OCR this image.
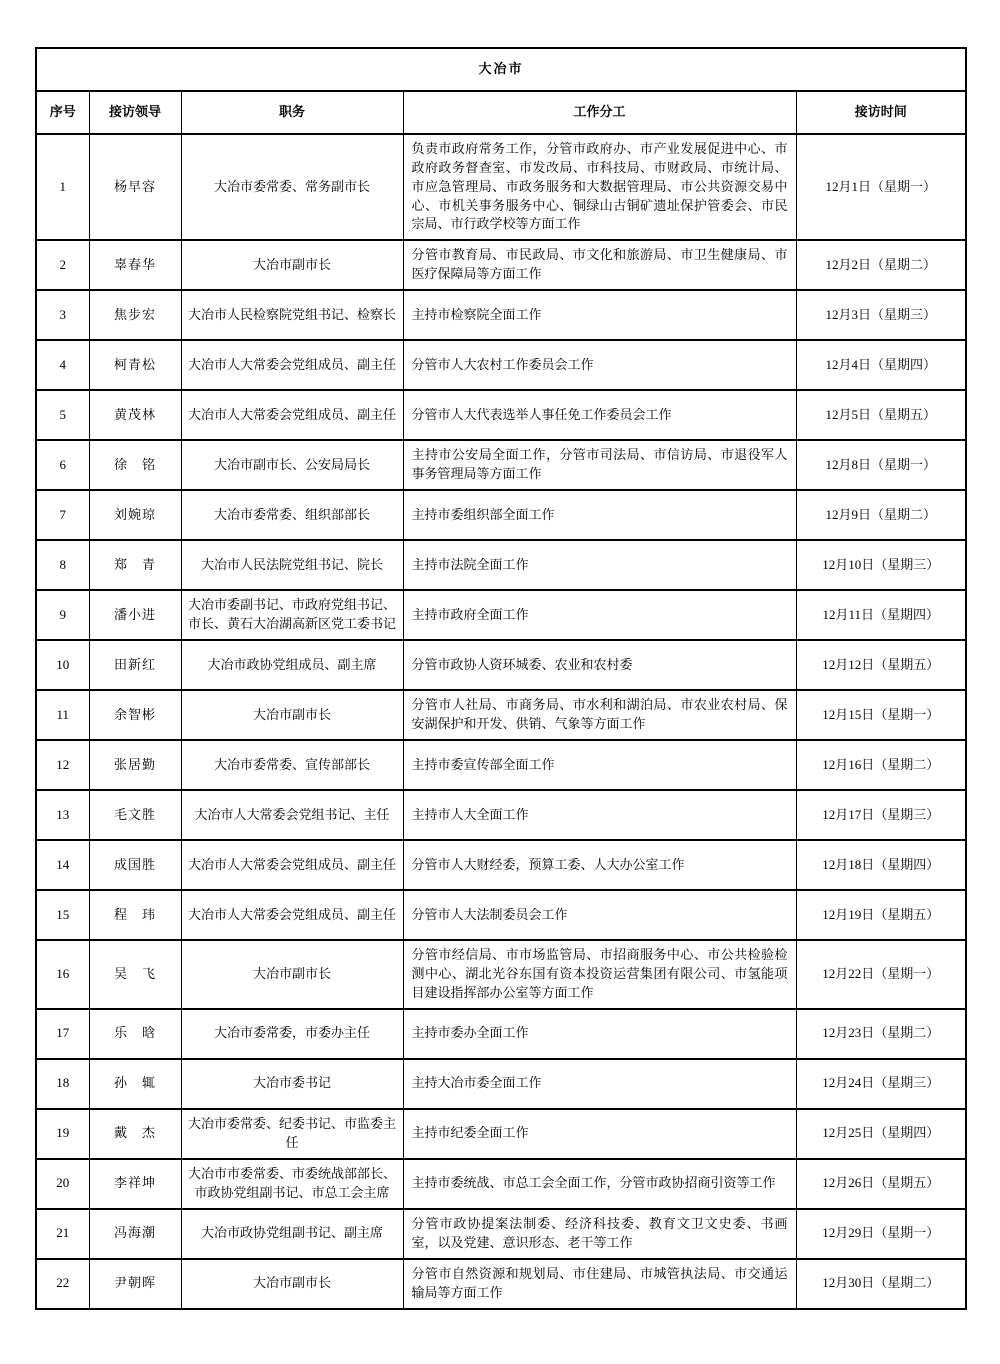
大冶市				
序号	接访领导	职务	工作分工	接访时间
1	杨早容	大冶市委常委、常务副市长	负责市政府常务工作，分管市政府办、市产业发展促进中心、市政府政务督查室、市发改局、市科技局、市财政局、市统计局、市应急管理局、市政务服务和大数据管理局、市公共资源交易中心、市机关事务服务中心、铜绿山古铜矿遗址保护管委会、市民宗局、市行政学校等方面工作	12月1日（星期一）
2	辜春华	大冶市副市长	分管市教育局、市民政局、市文化和旅游局、市卫生健康局、市医疗保障局等方面工作	12月2日（星期二）
3	焦步宏	大冶市人民检察院党组书记、检察长	主持市检察院全面工作	12月3日（星期三）
4	柯青松	大冶市人大常委会党组成员、副主任	分管市人大农村工作委员会工作	12月4日（星期四）
5	黄茂林	大冶市人大常委会党组成员、副主任	分管市人大代表选举人事任免工作委员会工作	12月5日（星期五）
6	徐　铭	大冶市副市长、公安局局长	主持市公安局全面工作，分管市司法局、市信访局、市退役军人事务管理局等方面工作	12月8日（星期一）
7	刘婉琼	大冶市委常委、组织部部长	主持市委组织部全面工作	12月9日（星期二）
8	郑　青	大冶市人民法院党组书记、院长	主持市法院全面工作	12月10日（星期三）
9	潘小进	大冶市委副书记、市政府党组书记、市长、黄石大冶湖高新区党工委书记	主持市政府全面工作	12月11日（星期四）
10	田新红	大冶市政协党组成员、副主席	分管市政协人资环城委、农业和农村委	12月12日（星期五）
11	余智彬	大冶市副市长	分管市人社局、市商务局、市水利和湖泊局、市农业农村局、保安湖保护和开发、供销、气象等方面工作	12月15日（星期一）
12	张居勤	大冶市委常委、宣传部部长	主持市委宣传部全面工作	12月16日（星期二）
13	毛文胜	大冶市人大常委会党组书记、主任	主持市人大全面工作	12月17日（星期三）
14	成国胜	大冶市人大常委会党组成员、副主任	分管市人大财经委，预算工委、人大办公室工作	12月18日（星期四）
15	程　玮	大冶市人大常委会党组成员、副主任	分管市人大法制委员会工作	12月19日（星期五）
16	吴　飞	大冶市副市长	分管市经信局、市市场监管局、市招商服务中心、市公共检验检测中心、湖北光谷东国有资本投资运营集团有限公司、市氢能项目建设指挥部办公室等方面工作	12月22日（星期一）
17	乐　晗	大冶市委常委，市委办主任	主持市委办全面工作	12月23日（星期二）
18	孙　辄	大冶市委书记	主持大冶市委全面工作	12月24日（星期三）
19	戴　杰	大冶市委常委、纪委书记、市监委主任	主持市纪委全面工作	12月25日（星期四）
20	李祥坤	大冶市市委常委、市委统战部部长、市政协党组副书记、市总工会主席	主持市委统战、市总工会全面工作，分管市政协招商引资等工作	12月26日（星期五）
21	冯海潮	大冶市政协党组副书记、副主席	分管市政协提案法制委、经济科技委、教育文卫文史委、书画室，以及党建、意识形态、老干等工作	12月29日（星期一）
22	尹朝晖	大冶市副市长	分管市自然资源和规划局、市住建局、市城管执法局、市交通运输局等方面工作	12月30日（星期二）
